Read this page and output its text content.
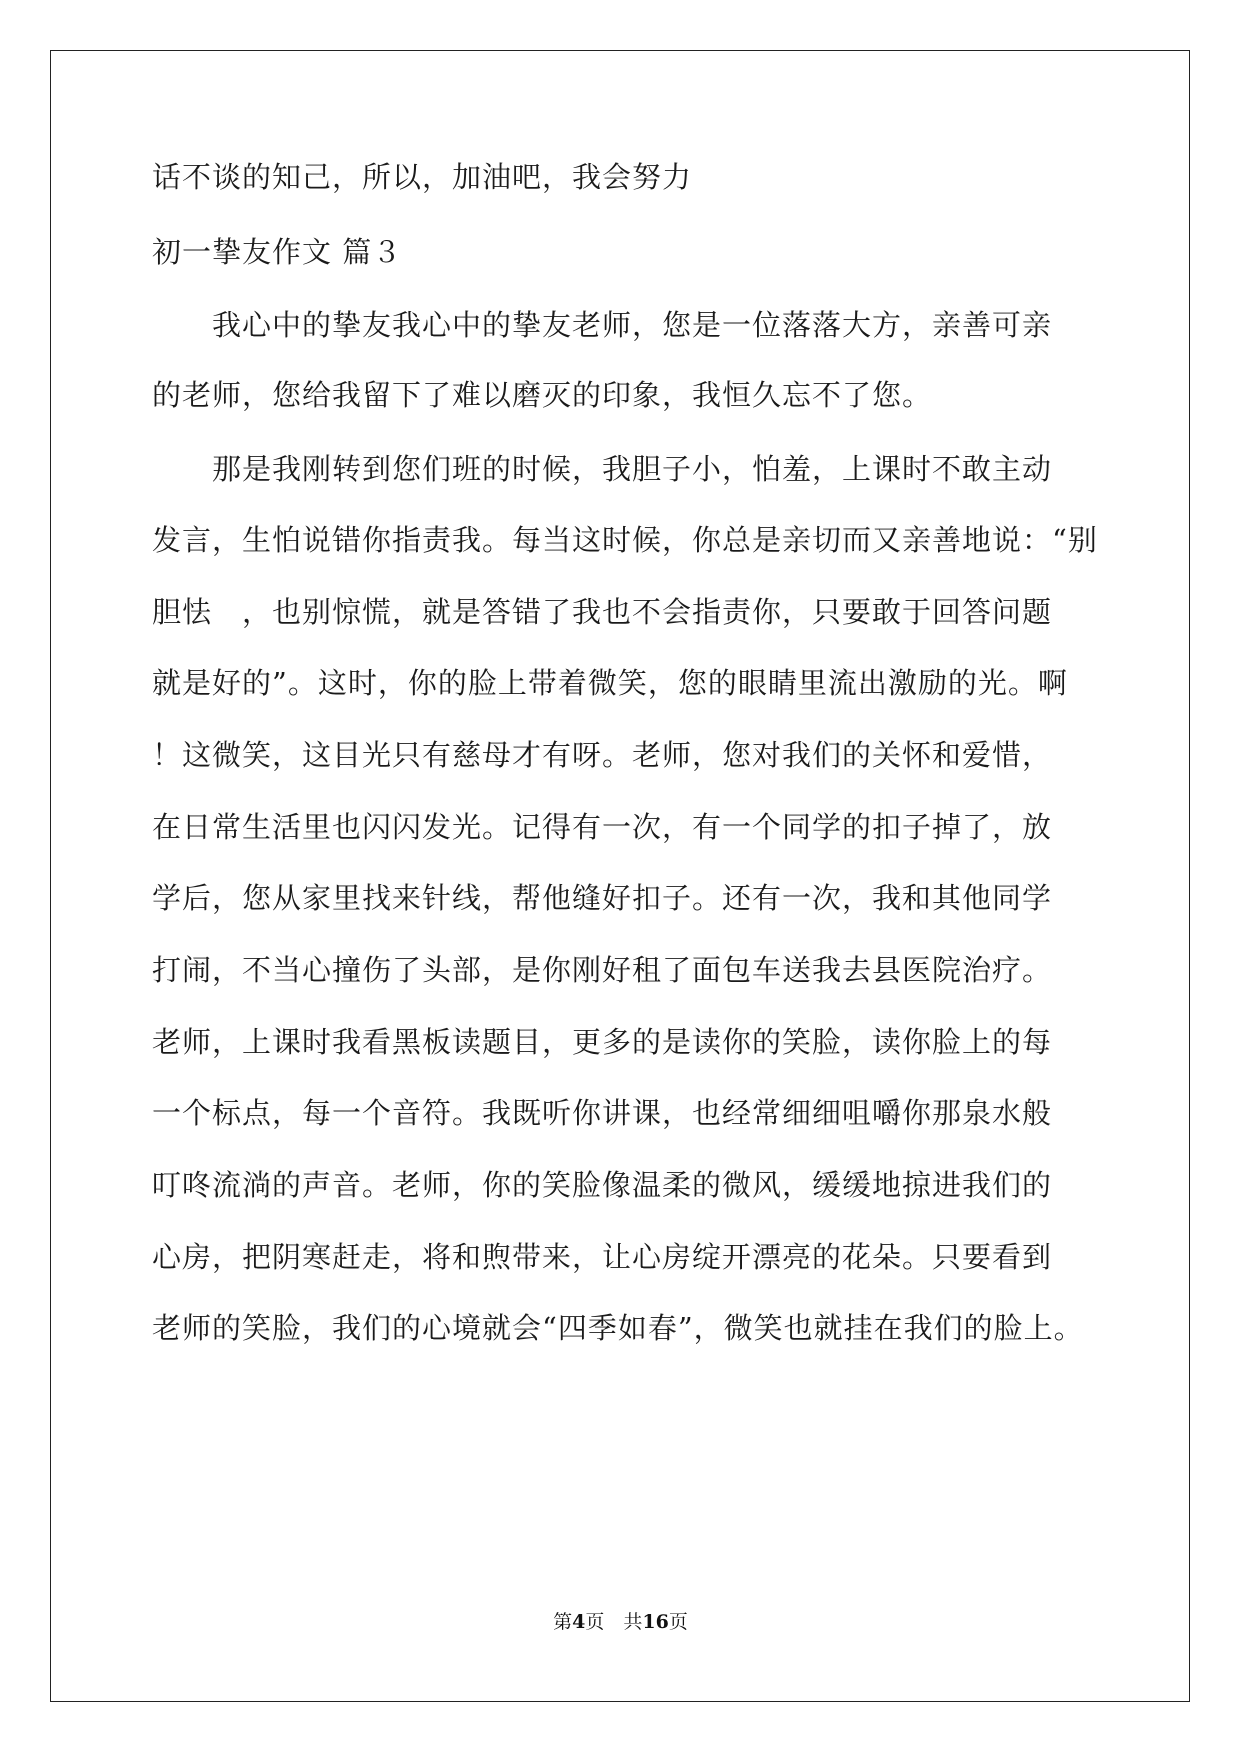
话不谈的知己，所以，加油吧，我会努力
初一挚友作文 篇３
我心中的挚友我心中的挚友老师，您是一位落落大方，亲善可亲
的老师，您给我留下了难以磨灭的印象，我恒久忘不了您。
那是我刚转到您们班的时候，我胆子小，怕羞，上课时不敢主动
发言，生怕说错你指责我。每当这时候，你总是亲切而又亲善地说：“别
胆怯　，也别惊慌，就是答错了我也不会指责你，只要敢于回答问题
就是好的”。这时，你的脸上带着微笑，您的眼睛里流出激励的光。啊
！这微笑，这目光只有慈母才有呀。老师，您对我们的关怀和爱惜，
在日常生活里也闪闪发光。记得有一次，有一个同学的扣子掉了，放
学后，您从家里找来针线，帮他缝好扣子。还有一次，我和其他同学
打闹，不当心撞伤了头部，是你刚好租了面包车送我去县医院治疗。
老师，上课时我看黑板读题目，更多的是读你的笑脸，读你脸上的每
一个标点，每一个音符。我既听你讲课，也经常细细咀嚼你那泉水般
叮咚流淌的声音。老师，你的笑脸像温柔的微风，缓缓地掠进我们的
心房，把阴寒赶走，将和煦带来，让心房绽开漂亮的花朵。只要看到
老师的笑脸，我们的心境就会“四季如春”，微笑也就挂在我们的脸上。
第4页　共16页
